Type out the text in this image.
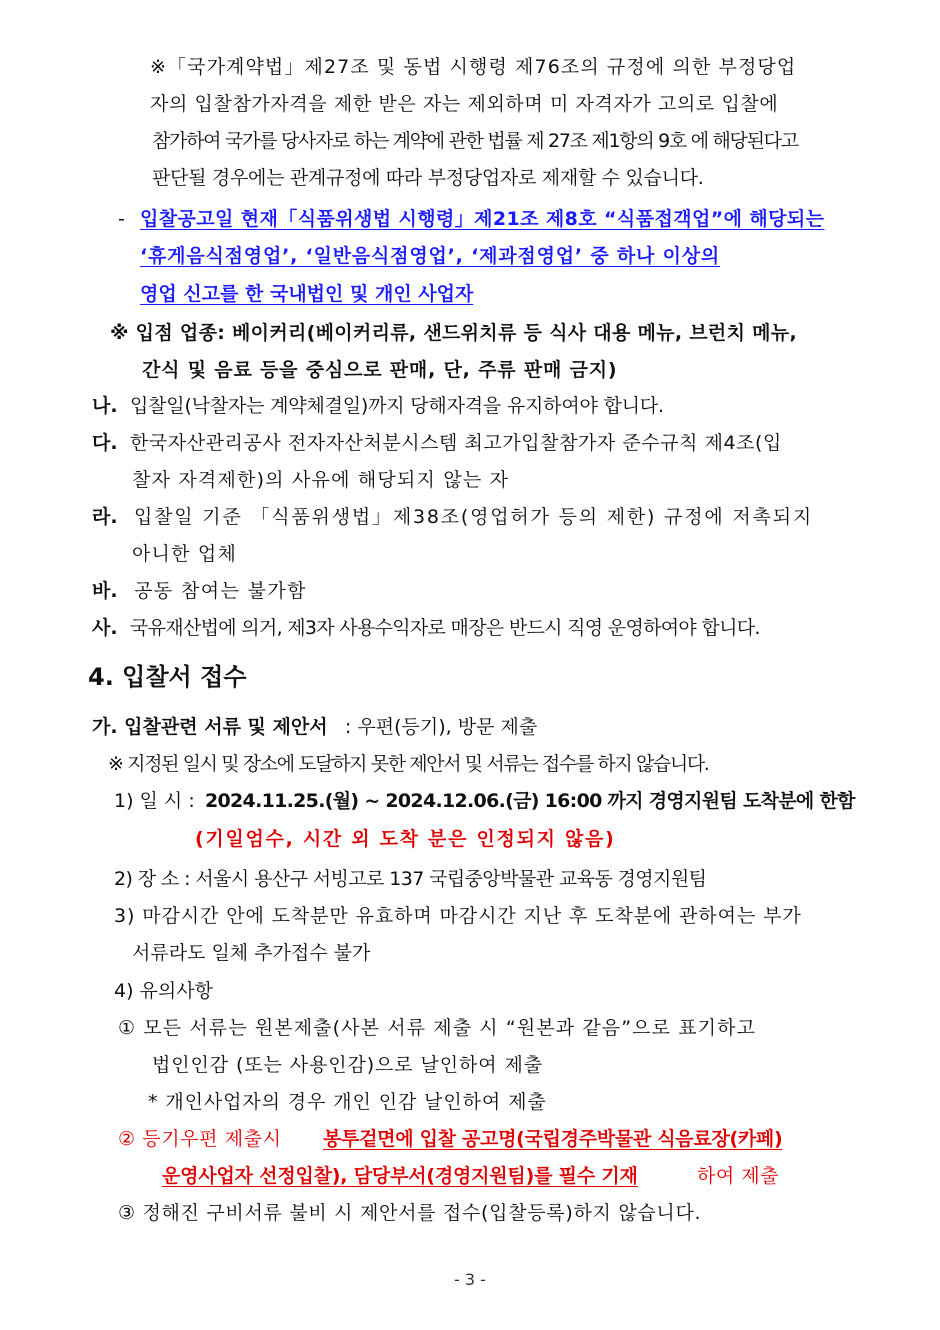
※「국가계약법」제27조 및 동법 시행령 제76조의 규정에 의한 부정당업
자의 입찰참가자격을 제한 받은 자는 제외하며 미 자격자가 고의로 입찰에
참가하여 국가를 당사자로 하는 계약에 관한 법률 제 27조 제1항의 9호 에 해당된다고
판단될 경우에는 관계규정에 따라 부정당업자로 제재할 수 있습니다.
- 입찰공고일 현재「식품위생법 시행령」제21조 제8호 “식품접객업”에 해당되는
‘휴게음식점영업’, ‘일반음식점영업’, ‘제과점영업’ 중 하나 이상의
영업 신고를 한 국내법인 및 개인 사업자
※ 입점 업종: 베이커리(베이커리류, 샌드위치류 등 식사 대용 메뉴, 브런치 메뉴,
간식 및 음료 등을 중심으로 판매, 단, 주류 판매 금지)
나. 입찰일(낙찰자는 계약체결일)까지 당해자격을 유지하여야 합니다.
다. 한국자산관리공사 전자자산처분시스템 최고가입찰참가자 준수규칙 제4조(입
찰자 자격제한)의 사유에 해당되지 않는 자
라. 입찰일 기준 「식품위생법」제38조(영업허가 등의 제한) 규정에 저촉되지
아니한 업체
바. 공동 참여는 불가함
사. 국유재산법에 의거, 제3자 사용수익자로 매장은 반드시 직영 운영하여야 합니다.
4. 입찰서 접수
가. 입찰관련 서류 및 제안서 : 우편(등기), 방문 제출
※ 지정된 일시 및 장소에 도달하지 못한 제안서 및 서류는 접수를 하지 않습니다.
1) 일 시 : 2024.11.25.(월) ~ 2024.12.06.(금) 16:00 까지 경영지원팀 도착분에 한함
(기일엄수, 시간 외 도착 분은 인정되지 않음)
2) 장 소 : 서울시 용산구 서빙고로 137 국립중앙박물관 교육동 경영지원팀
3) 마감시간 안에 도착분만 유효하며 마감시간 지난 후 도착분에 관하여는 부가
서류라도 일체 추가접수 불가
4) 유의사항
① 모든 서류는 원본제출(사본 서류 제출 시 “원본과 같음”으로 표기하고
법인인감 (또는 사용인감)으로 날인하여 제출
* 개인사업자의 경우 개인 인감 날인하여 제출
② 등기우편 제출시 봉투겉면에 입찰 공고명(국립경주박물관 식음료장(카페)
운영사업자 선정입찰), 담당부서(경영지원팀)를 필수 기재	하여 제출
③ 정해진 구비서류 불비 시 제안서를 접수(입찰등록)하지 않습니다.
- 3 -
